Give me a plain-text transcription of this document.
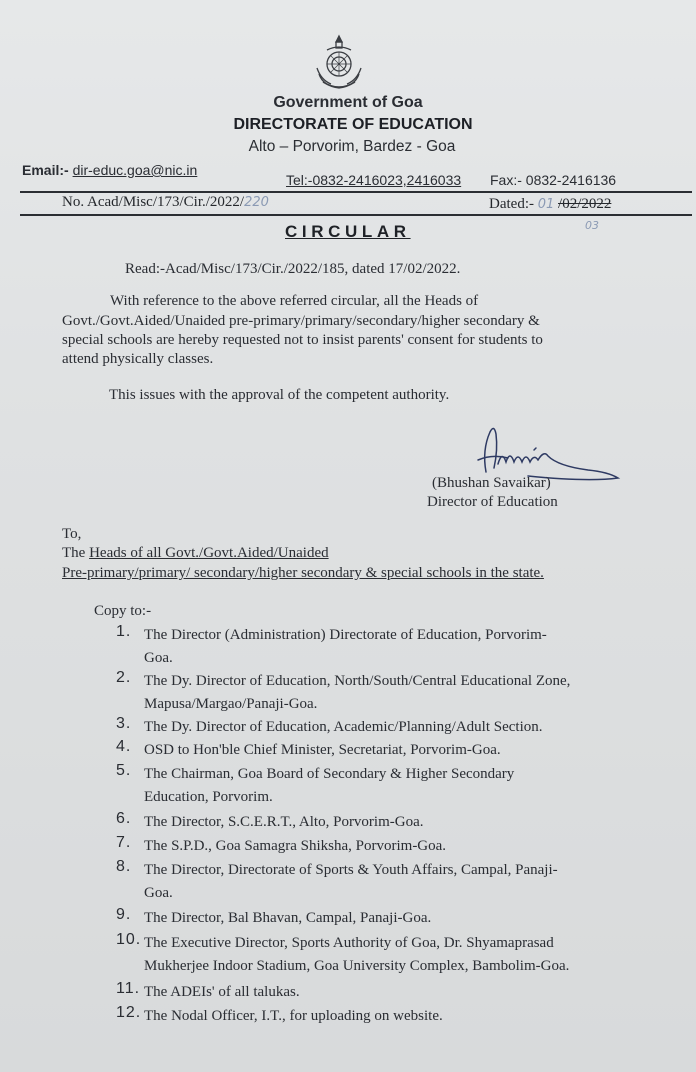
Government of Goa
DIRECTORATE OF EDUCATION
Alto – Porvorim, Bardez - Goa
Email:- dir-educ.goa@nic.in
Tel:-0832-2416023,2416033 Fax:- 0832-2416136
No. Acad/Misc/173/Cir./2022/220	Dated:- 01 /02/2022
03
CIRCULAR
Read:-Acad/Misc/173/Cir./2022/185, dated 17/02/2022.
With reference to the above referred circular, all the Heads of
Govt./Govt.Aided/Unaided pre-primary/primary/secondary/higher secondary &
special schools are hereby requested not to insist parents' consent for students to
attend physically classes.
This issues with the approval of the competent authority.
(Bhushan Savaikar)
Director of Education
To,
The Heads of all Govt./Govt.Aided/Unaided
Pre-primary/primary/ secondary/higher secondary & special schools in the state.
Copy to:-
1. The Director (Administration) Directorate of Education, Porvorim-
Goa.
2. The Dy. Director of Education, North/South/Central Educational Zone,
Mapusa/Margao/Panaji-Goa.
3. The Dy. Director of Education, Academic/Planning/Adult Section.
4. OSD to Hon'ble Chief Minister, Secretariat, Porvorim-Goa.
5. The Chairman, Goa Board of Secondary & Higher Secondary
Education, Porvorim.
6. The Director, S.C.E.R.T., Alto, Porvorim-Goa.
7. The S.P.D., Goa Samagra Shiksha, Porvorim-Goa.
8. The Director, Directorate of Sports & Youth Affairs, Campal, Panaji-
Goa.
9. The Director, Bal Bhavan, Campal, Panaji-Goa.
10. The Executive Director, Sports Authority of Goa, Dr. Shyamaprasad
Mukherjee Indoor Stadium, Goa University Complex, Bambolim-Goa.
11. The ADEIs' of all talukas.
12. The Nodal Officer, I.T., for uploading on website.
